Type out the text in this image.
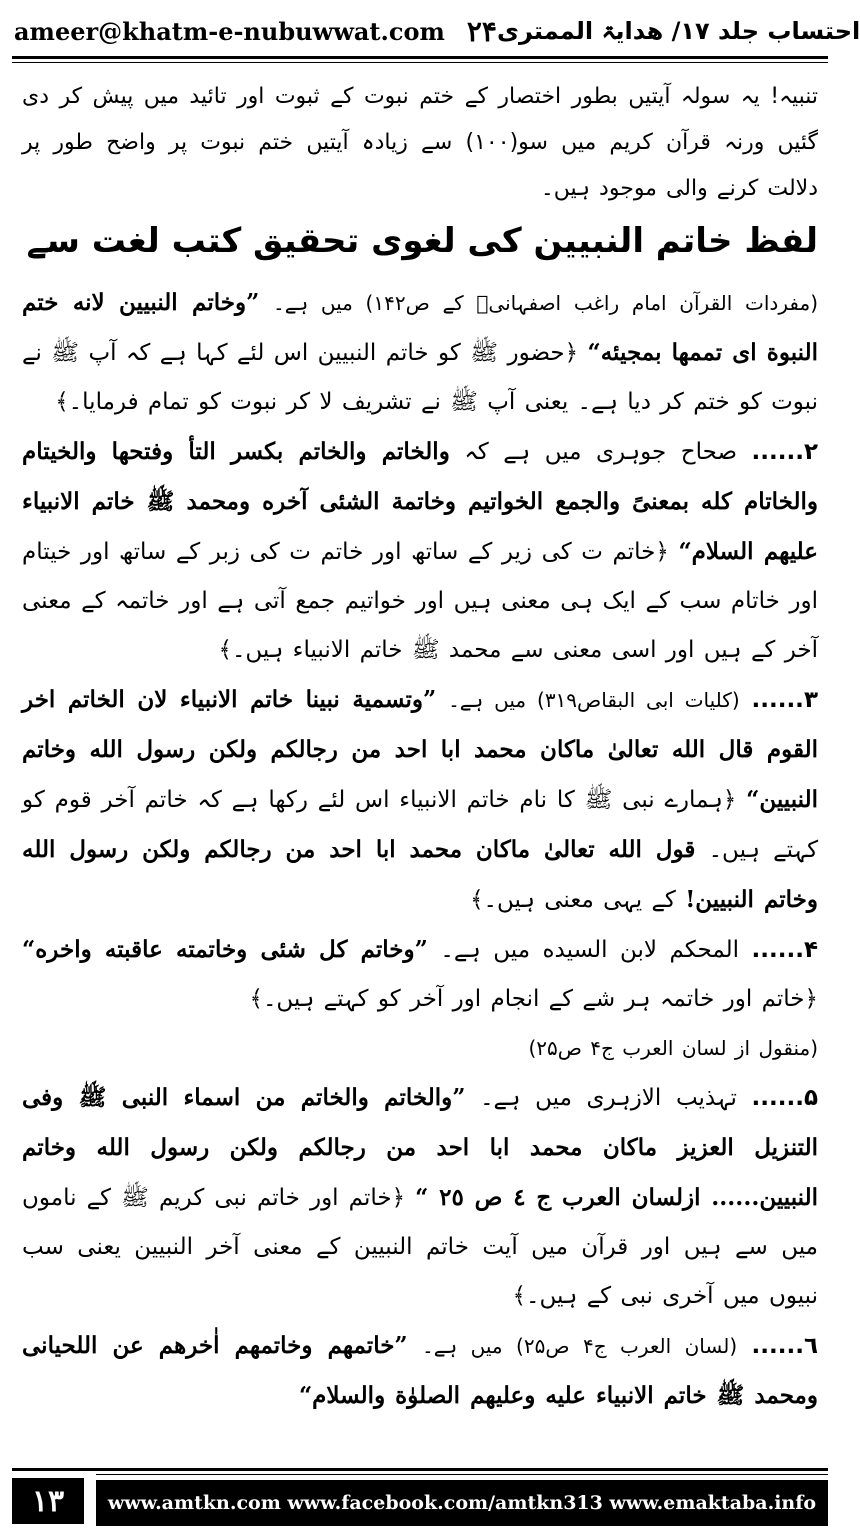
ameer@khatm-e-nubuwwat.com ۲۴ احتساب جلد ۱۷/ هدایۃ الممتری

تنبیہ! یہ سولہ آیتیں بطور اختصار کے ختم نبوت کے ثبوت اور تائید میں پیش کر دی گئیں ورنہ قرآن کریم میں سو(۱۰۰) سے زیادہ آیتیں ختم نبوت پر واضح طور پر دلالت کرنے والی موجود ہیں۔

لفظ خاتم النبیین کی لغوی تحقیق کتب لغت سے

(مفردات القرآن امام راغب اصفہانیؒ کے ص۱۴۲) میں ہے۔ ”وخاتم النبیین لانه ختم النبوة ای تممها بمجیئه“ ﴿حضور ﷺ کو خاتم النبیین اس لئے کہا ہے کہ آپ ﷺ نے نبوت کو ختم کر دیا ہے۔ یعنی آپ ﷺ نے تشریف لا کر نبوت کو تمام فرمایا۔﴾

۲...... صحاح جوہری میں ہے کہ والخاتم والخاتم بکسر التأ وفتحها والخیتام والخاتام کله بمعنیً والجمع الخواتیم وخاتمة الشئی آخره ومحمد ﷺ خاتم الانبیاء علیهم السلام“ ﴿خاتم ت کی زیر کے ساتھ اور خاتم ت کی زبر کے ساتھ اور خیتام اور خاتام سب کے ایک ہی معنی ہیں اور خواتیم جمع آتی ہے اور خاتمہ کے معنی آخر کے ہیں اور اسی معنی سے محمد ﷺ خاتم الانبیاء ہیں۔﴾

۳...... (کلیات ابی البقاص۳۱۹) میں ہے۔ ”وتسمیة نبینا خاتم الانبیاء لان الخاتم اخر القوم قال الله تعالیٰ ماکان محمد ابا احد من رجالکم ولکن رسول الله وخاتم النبیین“ ﴿ہمارے نبی ﷺ کا نام خاتم الانبیاء اس لئے رکھا ہے کہ خاتم آخر قوم کو کہتے ہیں۔ قول الله تعالیٰ ماکان محمد ابا احد من رجالکم ولکن رسول الله وخاتم النبیین! کے یہی معنی ہیں۔﴾

۴...... المحکم لابن السیده میں ہے۔ ”وخاتم کل شئی وخاتمته عاقبته واخره“ ﴿خاتم اور خاتمہ ہر شے کے انجام اور آخر کو کہتے ہیں۔﴾
(منقول از لسان العرب ج۴ ص۲۵)

۵...... تہذیب الازہری میں ہے۔ ”والخاتم والخاتم من اسماء النبی ﷺ وفی التنزیل العزیز ماکان محمد ابا احد من رجالکم ولکن رسول الله وخاتم النبیین...... ازلسان العرب ج ٤ ص ٢٥ “ ﴿خاتم اور خاتم نبی کریم ﷺ کے ناموں میں سے ہیں اور قرآن میں آیت خاتم النبیین کے معنی آخر النبیین یعنی سب نبیوں میں آخری نبی کے ہیں۔﴾

٦...... (لسان العرب ج۴ ص۲۵) میں ہے۔ ”خاتمهم وخاتمهم اٰخرهم عن اللحیانی ومحمد ﷺ خاتم الانبیاء علیه وعلیهم الصلوٰة والسلام“

۱۳	www.amtkn.com www.facebook.com/amtkn313 www.emaktaba.info
